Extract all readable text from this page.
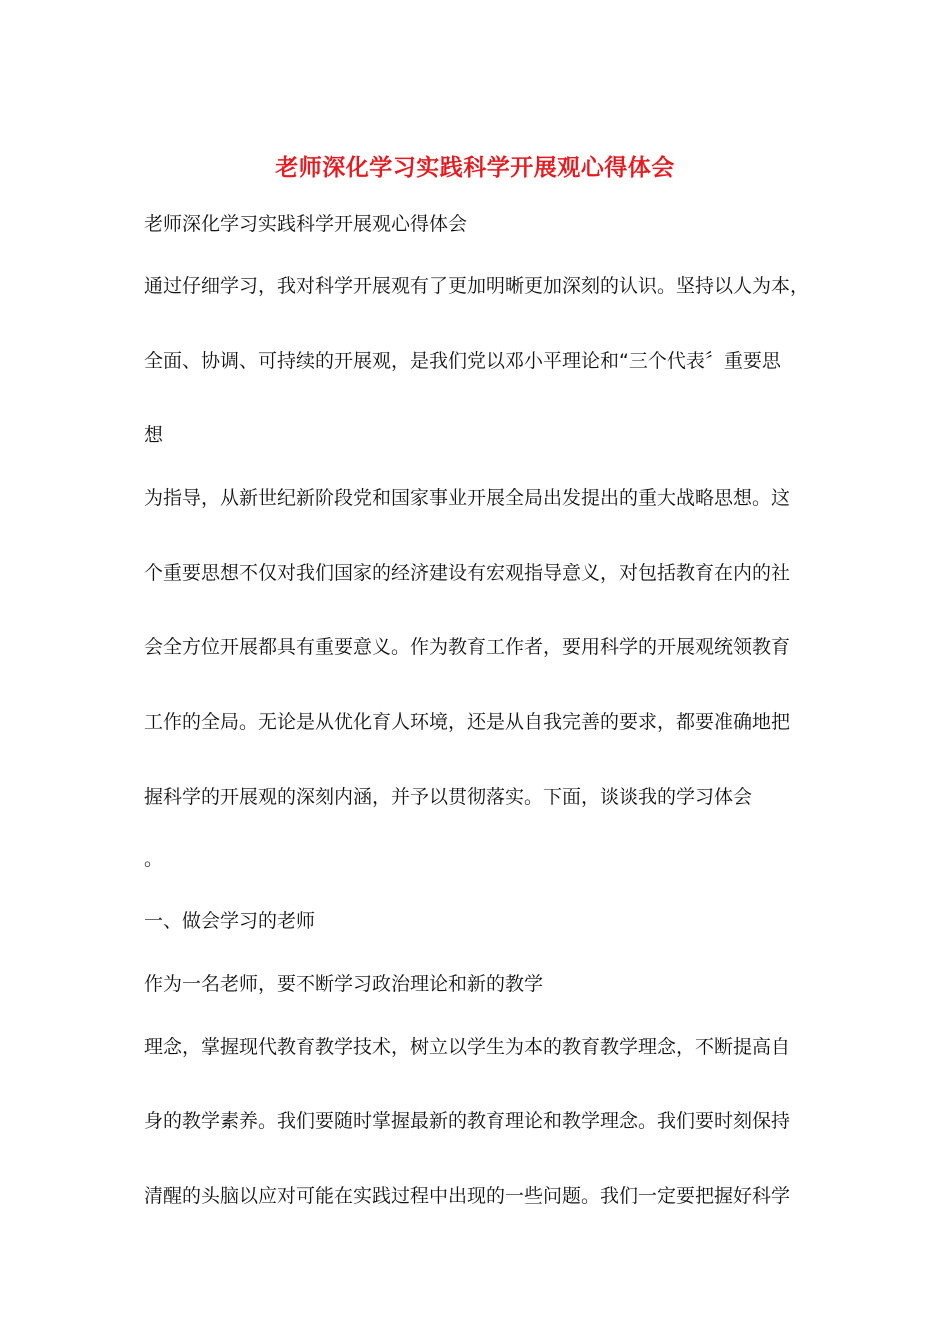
老师深化学习实践科学开展观心得体会
老师深化学习实践科学开展观心得体会
通过仔细学习，我对科学开展观有了更加明晰更加深刻的认识。坚持以人为本，
全面、协调、可持续的开展观，是我们党以邓小平理论和“三个代表〞重要思
想
为指导，从新世纪新阶段党和国家事业开展全局出发提出的重大战略思想。这
个重要思想不仅对我们国家的经济建设有宏观指导意义，对包括教育在内的社
会全方位开展都具有重要意义。作为教育工作者，要用科学的开展观统领教育
工作的全局。无论是从优化育人环境，还是从自我完善的要求，都要准确地把
握科学的开展观的深刻内涵，并予以贯彻落实。下面，谈谈我的学习体会
。
一、做会学习的老师
作为一名老师，要不断学习政治理论和新的教学
理念，掌握现代教育教学技术，树立以学生为本的教育教学理念，不断提高自
身的教学素养。我们要随时掌握最新的教育理论和教学理念。我们要时刻保持
清醒的头脑以应对可能在实践过程中出现的一些问题。我们一定要把握好科学
